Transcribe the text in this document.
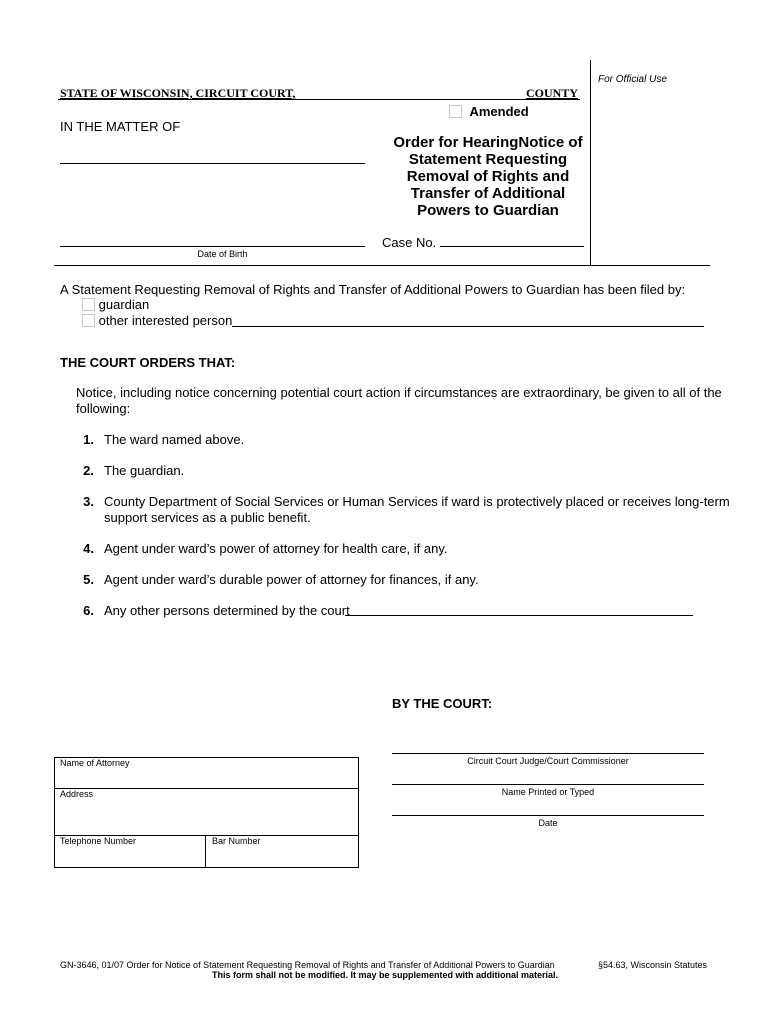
For Official Use
STATE OF WISCONSIN, CIRCUIT COURT,	COUNTY
Amended
IN THE MATTER OF
Order for HearingNotice of
Statement Requesting
Removal of Rights and
Transfer of Additional
Powers to Guardian
Date of Birth
Case No.
A Statement Requesting Removal of Rights and Transfer of Additional Powers to Guardian has been filed by:
guardian
other interested person
THE COURT ORDERS THAT:
Notice, including notice concerning potential court action if circumstances are extraordinary, be given to all of the
following:
1. The ward named above.
2. The guardian.
3. County Department of Social Services or Human Services if ward is protectively placed or receives long-term
support services as a public benefit.
4. Agent under ward’s power of attorney for health care, if any.
5. Agent under ward’s durable power of attorney for finances, if any.
6. Any other persons determined by the court
BY THE COURT:
Circuit Court Judge/Court Commissioner
Name Printed or Typed
Date
Name of Attorney
Address
Telephone Number	Bar Number
GN-3646, 01/07 Order for Notice of Statement Requesting Removal of Rights and Transfer of Additional Powers to Guardian	§54.63, Wisconsin Statutes
This form shall not be modified. It may be supplemented with additional material.
